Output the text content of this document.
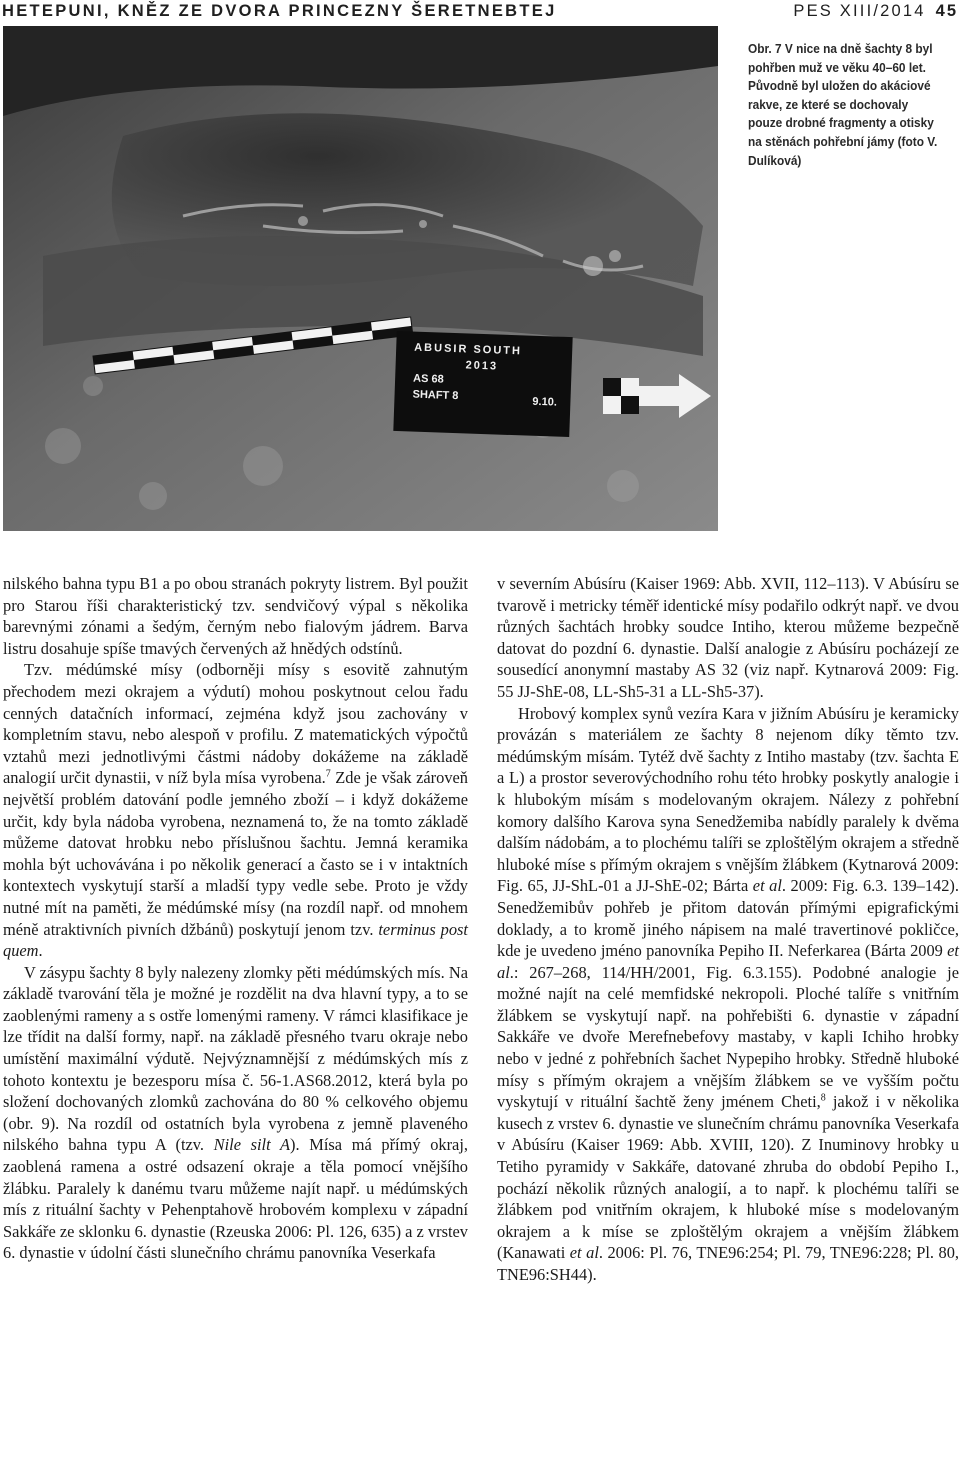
HETEPUNI, KNĚZ ZE DVORA PRINCEZNY ŠERETNEBTEJ	PES XIII/2014 45
ABUSIR SOUTH
2013
AS 68
SHAFT 8
9.10.
Obr. 7 V nice na dně šachty 8 byl pohřben muž ve věku 40–60 let. Původně byl uložen do akáciové rakve, ze které se dochovaly pouze drobné fragmenty a otisky na stěnách pohřební jámy (foto V. Dulíková)

nilského bahna typu B1 a po obou stranách pokryty listrem. Byl použit pro Starou říši charakteristický tzv. sendvičový výpal s několika barevnými zónami a šedým, černým nebo fialovým jádrem. Barva listru dosahuje spíše tmavých červených až hnědých odstínů.

Tzv. médúmské mísy (odborněji mísy s esovitě zahnutým přechodem mezi okrajem a výdutí) mohou poskytnout celou řadu cenných datačních informací, zejména když jsou zachovány v kompletním stavu, nebo alespoň v profilu. Z matematických výpočtů vztahů mezi jednotlivými částmi nádoby dokážeme na základě analogií určit dynastii, v níž byla mísa vyrobena.$^7$ Zde je však zároveň největší problém datování podle jemného zboží – i když dokážeme určit, kdy byla nádoba vyrobena, neznamená to, že na tomto základě můžeme datovat hrobku nebo příslušnou šachtu. Jemná keramika mohla být uchovávána i po několik generací a často se i v intaktních kontextech vyskytují starší a mladší typy vedle sebe. Proto je vždy nutné mít na paměti, že médúmské mísy (na rozdíl např. od mnohem méně atraktivních pivních džbánů) poskytují jenom tzv. terminus post quem.

V zásypu šachty 8 byly nalezeny zlomky pěti médúmských mís. Na základě tvarování těla je možné je rozdělit na dva hlavní typy, a to se zaoblenými rameny a s ostře lomenými rameny. V rámci klasifikace je lze třídit na další formy, např. na základě přesného tvaru okraje nebo umístění maximální výdutě. Nejvýznamnější z médúmských mís z tohoto kontextu je bezesporu mísa č. 56-1.AS68.2012, která byla po složení dochovaných zlomků zachována do 80 % celkového objemu (obr. 9). Na rozdíl od ostatních byla vyrobena z jemně plaveného nilského bahna typu A (tzv. Nile silt A). Mísa má přímý okraj, zaoblená ramena a ostré odsazení okraje a těla pomocí vnějšího žlábku. Paralely k danému tvaru můžeme najít např. u médúmských mís z rituální šachty v Pehenptahově hrobovém komplexu v západní Sakkáře ze sklonku 6. dynastie (Rzeuska 2006: Pl. 126, 635) a z vrstev 6. dynastie v údolní části slunečního chrámu panovníka Veserkafa

v severním Abúsíru (Kaiser 1969: Abb. XVII, 112–113). V Abúsíru se tvarově i metricky téměř identické mísy podařilo odkrýt např. ve dvou různých šachtách hrobky soudce Intiho, kterou můžeme bezpečně datovat do pozdní 6. dynastie. Další analogie z Abúsíru pocházejí ze sousedící anonymní mastaby AS 32 (viz např. Kytnarová 2009: Fig. 55 JJ-ShE-08, LL-Sh5-31 a LL-Sh5-37).

Hrobový komplex synů vezíra Kara v jižním Abúsíru je keramicky provázán s materiálem ze šachty 8 nejenom díky těmto tzv. médúmským mísám. Tytéž dvě šachty z Intiho mastaby (tzv. šachta E a L) a prostor severovýchodního rohu této hrobky poskytly analogie i k hlubokým mísám s modelovaným okrajem. Nálezy z pohřební komory dalšího Karova syna Senedžemiba nabídly paralely k dvěma dalším nádobám, a to plochému talíři se zploštělým okrajem a středně hluboké míse s přímým okrajem s vnějším žlábkem (Kytnarová 2009: Fig. 65, JJ-ShL-01 a JJ-ShE-02; Bárta et al. 2009: Fig. 6.3. 139–142). Senedžemibův pohřeb je přitom datován přímými epigrafickými doklady, a to kromě jiného nápisem na malé travertinové pokličce, kde je uvedeno jméno panovníka Pepiho II. Neferkarea (Bárta 2009 et al.: 267–268, 114/HH/2001, Fig. 6.3.155). Podobné analogie je možné najít na celé memfidské nekropoli. Ploché talíře s vnitřním žlábkem se vyskytují např. na pohřebišti 6. dynastie v západní Sakkáře ve dvoře Merefnebefovy mastaby, v kapli Ichiho hrobky nebo v jedné z pohřebních šachet Nypepiho hrobky. Středně hluboké mísy s přímým okrajem a vnějším žlábkem se ve vyšším počtu vyskytují v rituální šachtě ženy jménem Cheti,$^8$ jakož i v několika kusech z vrstev 6. dynastie ve slunečním chrámu panovníka Veserkafa v Abúsíru (Kaiser 1969: Abb. XVIII, 120). Z Inuminovy hrobky u Tetiho pyramidy v Sakkáře, datované zhruba do období Pepiho I., pochází několik různých analogií, a to např. k plochému talíři se žlábkem pod vnitřním okrajem, k hluboké míse s modelovaným okrajem a k míse se zploštělým okrajem a vnějším žlábkem (Kanawati et al. 2006: Pl. 76, TNE96:254; Pl. 79, TNE96:228; Pl. 80, TNE96:SH44).
